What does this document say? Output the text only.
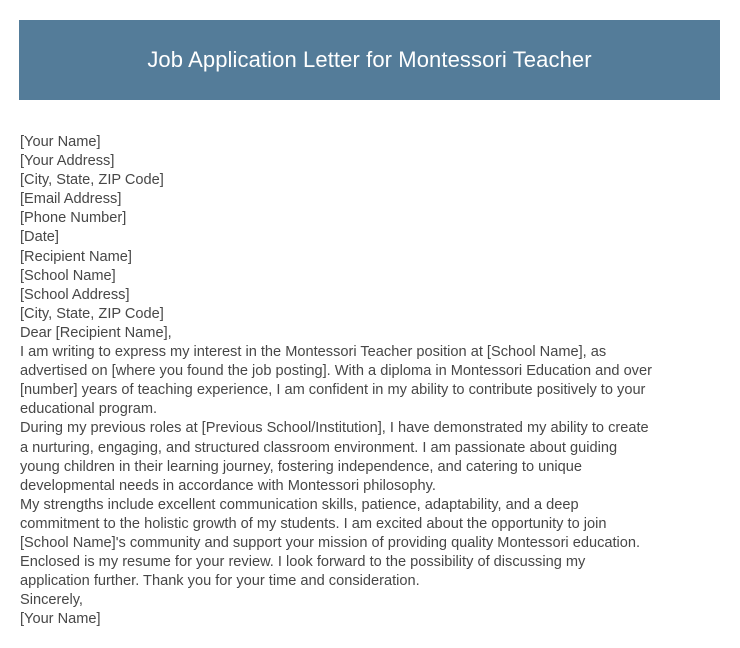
Job Application Letter for Montessori Teacher
[Your Name]
[Your Address]
[City, State, ZIP Code]
[Email Address]
[Phone Number]
[Date]
[Recipient Name]
[School Name]
[School Address]
[City, State, ZIP Code]
Dear [Recipient Name],
I am writing to express my interest in the Montessori Teacher position at [School Name], as
advertised on [where you found the job posting]. With a diploma in Montessori Education and over
[number] years of teaching experience, I am confident in my ability to contribute positively to your
educational program.
During my previous roles at [Previous School/Institution], I have demonstrated my ability to create
a nurturing, engaging, and structured classroom environment. I am passionate about guiding
young children in their learning journey, fostering independence, and catering to unique
developmental needs in accordance with Montessori philosophy.
My strengths include excellent communication skills, patience, adaptability, and a deep
commitment to the holistic growth of my students. I am excited about the opportunity to join
[School Name]'s community and support your mission of providing quality Montessori education.
Enclosed is my resume for your review. I look forward to the possibility of discussing my
application further. Thank you for your time and consideration.
Sincerely,
[Your Name]
